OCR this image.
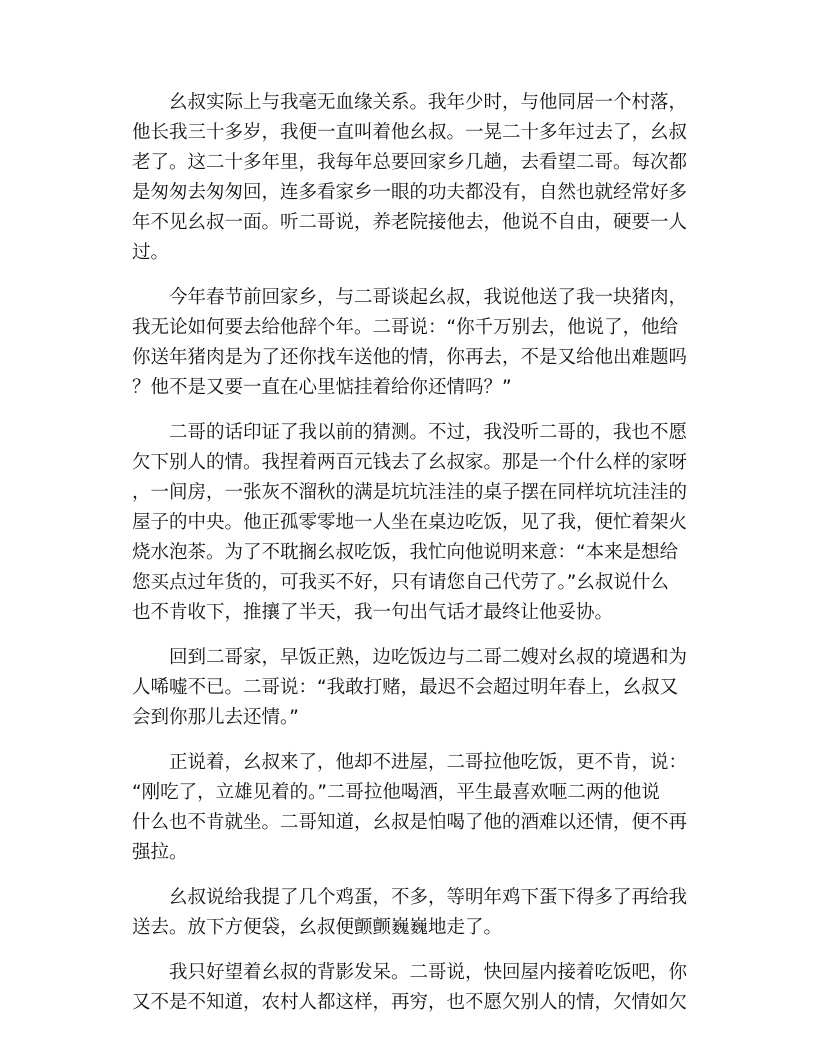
幺叔实际上与我毫无血缘关系。我年少时，与他同居一个村落，
他长我三十多岁，我便一直叫着他幺叔。一晃二十多年过去了，幺叔
老了。这二十多年里，我每年总要回家乡几趟，去看望二哥。每次都
是匆匆去匆匆回，连多看家乡一眼的功夫都没有，自然也就经常好多
年不见幺叔一面。听二哥说，养老院接他去，他说不自由，硬要一人
过。

今年春节前回家乡，与二哥谈起幺叔，我说他送了我一块猪肉，
我无论如何要去给他辞个年。二哥说：“你千万别去，他说了，他给
你送年猪肉是为了还你找车送他的情，你再去，不是又给他出难题吗
？他不是又要一直在心里惦挂着给你还情吗？”

二哥的话印证了我以前的猜测。不过，我没听二哥的，我也不愿
欠下别人的情。我捏着两百元钱去了幺叔家。那是一个什么样的家呀
，一间房，一张灰不溜秋的满是坑坑洼洼的桌子摆在同样坑坑洼洼的
屋子的中央。他正孤零零地一人坐在桌边吃饭，见了我，便忙着架火
烧水泡茶。为了不耽搁幺叔吃饭，我忙向他说明来意：“本来是想给
您买点过年货的，可我买不好，只有请您自己代劳了。”幺叔说什么
也不肯收下，推攘了半天，我一句出气话才最终让他妥协。

回到二哥家，早饭正熟，边吃饭边与二哥二嫂对幺叔的境遇和为
人唏嘘不已。二哥说：“我敢打赌，最迟不会超过明年春上，幺叔又
会到你那儿去还情。”

正说着，幺叔来了，他却不进屋，二哥拉他吃饭，更不肯，说：
“刚吃了，立雄见着的。”二哥拉他喝酒，平生最喜欢咂二两的他说
什么也不肯就坐。二哥知道，幺叔是怕喝了他的酒难以还情，便不再
强拉。

幺叔说给我提了几个鸡蛋，不多，等明年鸡下蛋下得多了再给我
送去。放下方便袋，幺叔便颤颤巍巍地走了。

我只好望着幺叔的背影发呆。二哥说，快回屋内接着吃饭吧，你
又不是不知道，农村人都这样，再穷，也不愿欠别人的情，欠情如欠
